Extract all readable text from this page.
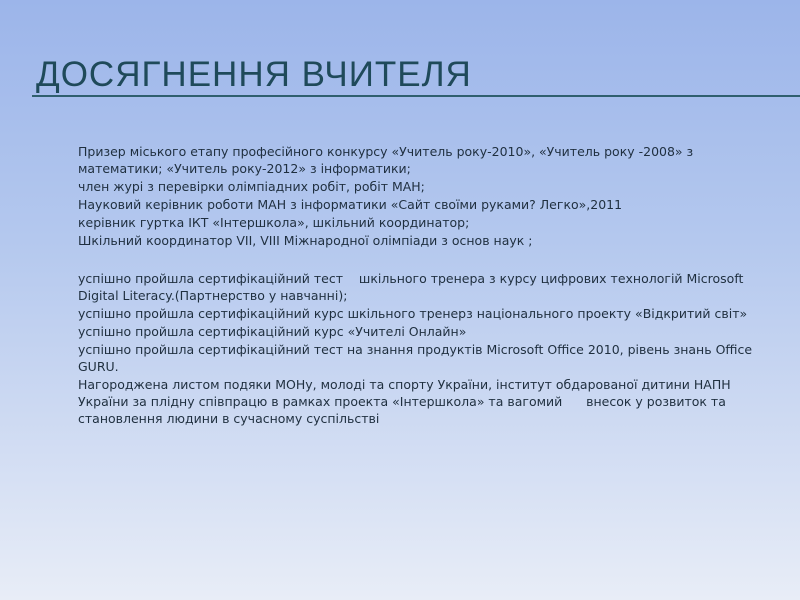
ДОСЯГНЕННЯ ВЧИТЕЛЯ
Призер міського етапу професійного конкурсу «Учитель року-2010», «Учитель року -2008» з математики; «Учитель року-2012» з інформатики;
член журі з перевірки олімпіадних робіт, робіт МАН;
Науковий керівник роботи МАН з інформатики «Сайт своїми руками? Легко»,2011
керівник гуртка ІКТ «Інтершкола», шкільний координатор;
Шкільний координатор VII, VIII Міжнародної олімпіади з основ наук ;
успішно пройшла сертифікаційний тест    шкільного тренера з курсу цифрових технологій Microsoft  Digital Literacy.(Партнерство у навчанні);
успішно пройшла сертифікаційний курс шкільного тренерз національного проекту «Відкритий світ»
успішно пройшла сертифікаційний курс «Учителі Онлайн»
успішно пройшла сертифікаційний тест на знання продуктів Microsoft Office 2010, рівень знань Office GURU.
Нагороджена листом подяки МОНу, молоді та спорту України, інститут обдарованої дитини НАПН України за плідну співпрацю в рамках проекта «Інтершкола» та вагомий      внесок у розвиток та становлення людини в сучасному суспільстві
